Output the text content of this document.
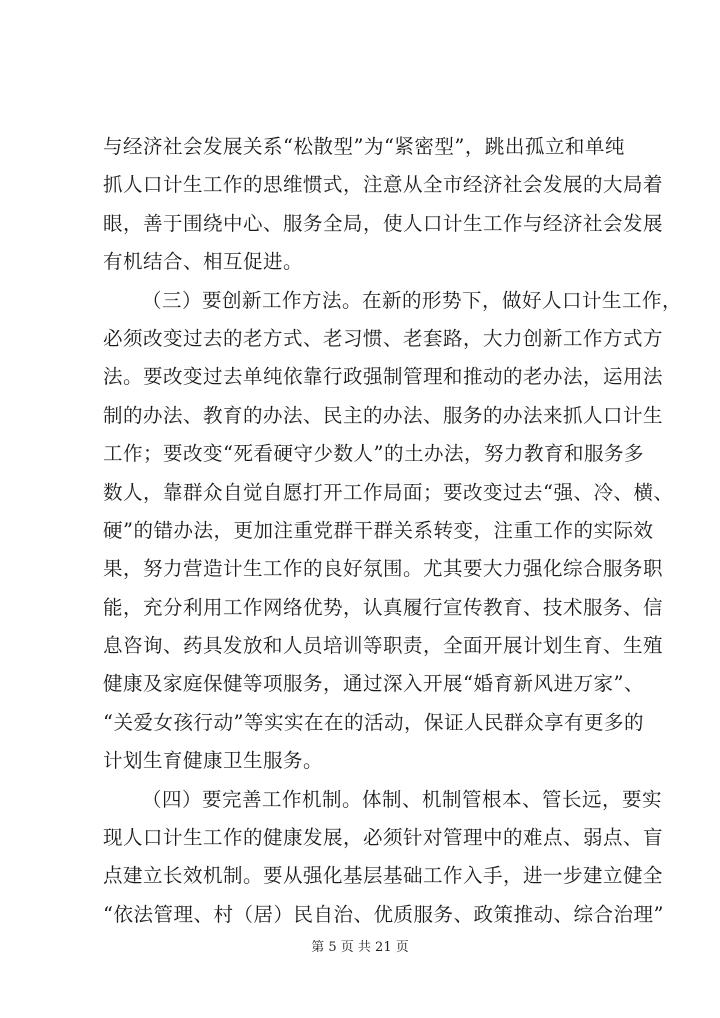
与经济社会发展关系“松散型”为“紧密型”，跳出孤立和单纯
抓人口计生工作的思维惯式，注意从全市经济社会发展的大局着
眼，善于围绕中心、服务全局，使人口计生工作与经济社会发展
有机结合、相互促进。
（三）要创新工作方法。在新的形势下，做好人口计生工作，
必须改变过去的老方式、老习惯、老套路，大力创新工作方式方
法。要改变过去单纯依靠行政强制管理和推动的老办法，运用法
制的办法、教育的办法、民主的办法、服务的办法来抓人口计生
工作；要改变“死看硬守少数人”的土办法，努力教育和服务多
数人，靠群众自觉自愿打开工作局面；要改变过去“强、冷、横、
硬”的错办法，更加注重党群干群关系转变，注重工作的实际效
果，努力营造计生工作的良好氛围。尤其要大力强化综合服务职
能，充分利用工作网络优势，认真履行宣传教育、技术服务、信
息咨询、药具发放和人员培训等职责，全面开展计划生育、生殖
健康及家庭保健等项服务，通过深入开展“婚育新风进万家”、
“关爱女孩行动”等实实在在的活动，保证人民群众享有更多的
计划生育健康卫生服务。
（四）要完善工作机制。体制、机制管根本、管长远，要实
现人口计生工作的健康发展，必须针对管理中的难点、弱点、盲
点建立长效机制。要从强化基层基础工作入手，进一步建立健全
“依法管理、村（居）民自治、优质服务、政策推动、综合治理”
第 5 页 共 21 页
